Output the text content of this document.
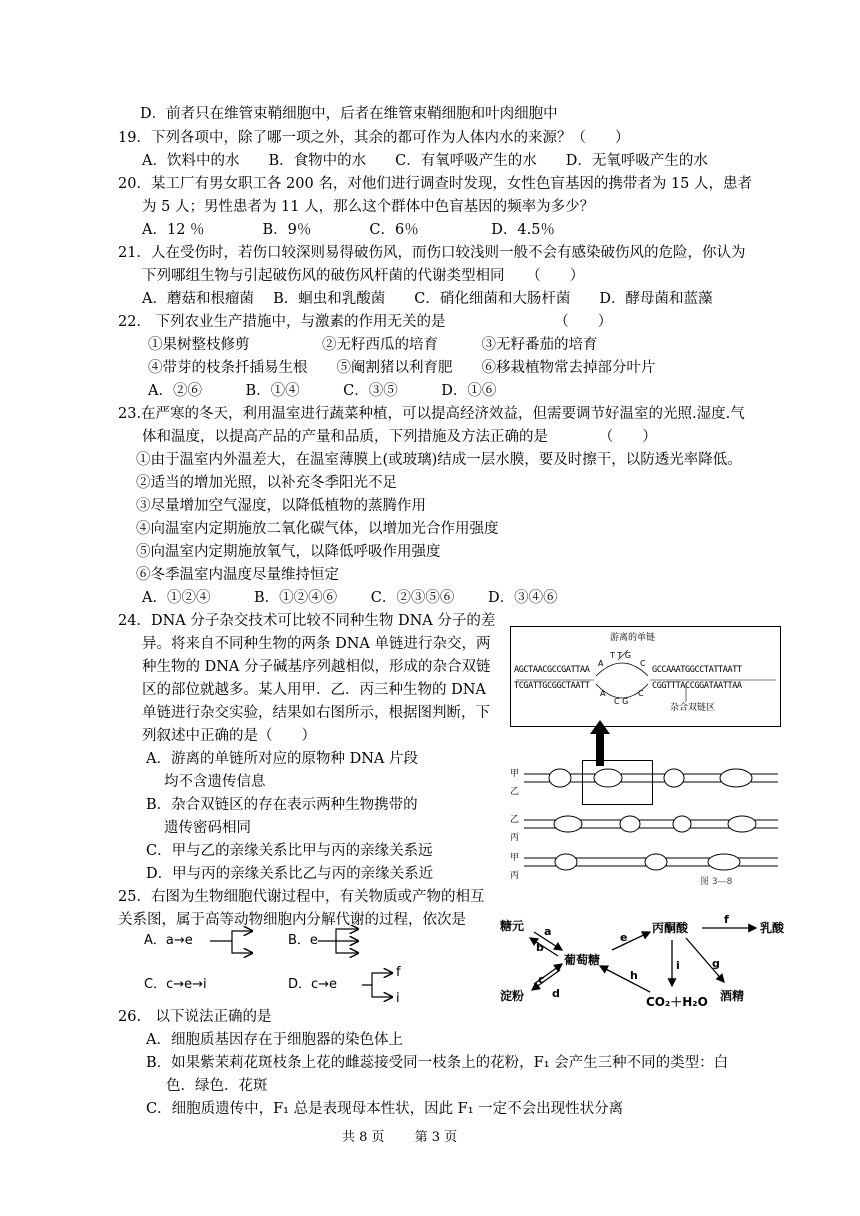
D．前者只在维管束鞘细胞中，后者在维管束鞘细胞和叶肉细胞中
19．下列各项中，除了哪一项之外，其余的都可作为人体内水的来源？（　　）
A．饮料中的水　　B．食物中的水　　C．有氧呼吸产生的水　　D．无氧呼吸产生的水
20．某工厂有男女职工各 200 名，对他们进行调查时发现，女性色盲基因的携带者为 15 人，患者
为 5 人；男性患者为 11 人，那么这个群体中色盲基因的频率为多少？
A．12 ％　　　　B．9％　　　　C．6％　　　　　D．4.5％
21．人在受伤时，若伤口较深则易得破伤风，而伤口较浅则一般不会有感染破伤风的危险，你认为
下列哪组生物与引起破伤风的破伤风杆菌的代谢类型相同　　（　　）
A．蘑菇和根瘤菌　 B．蛔虫和乳酸菌　　C．硝化细菌和大肠杆菌　　D．酵母菌和蓝藻
22． 下列农业生产措施中，与激素的作用无关的是　　　　　　　　（　　）
①果树整枝修剪　　　　　②无籽西瓜的培育　　　③无籽番茄的培育
④带芽的枝条扦插易生根　　⑤阉割猪以利育肥　　⑥移栽植物常去掉部分叶片
A．②⑥　　　B．①④　　　C．③⑤　　　D．①⑥
23.在严寒的冬天，利用温室进行蔬菜种植，可以提高经济效益，但需要调节好温室的光照.湿度.气
体和温度，以提高产品的产量和品质，下列措施及方法正确的是　　　　（　　）
①由于温室内外温差大，在温室薄膜上(或玻璃)结成一层水膜，要及时擦干，以防透光率降低。
②适当的增加光照，以补充冬季阳光不足
③尽量增加空气湿度，以降低植物的蒸腾作用
④向温室内定期施放二氧化碳气体，以增加光合作用强度
⑤向温室内定期施放氧气，以降低呼吸作用强度
⑥冬季温室内温度尽量维持恒定
A．①②④　　　B．①②④⑥　　 C．②③⑤⑥　　 D．③④⑥
24．DNA 分子杂交技术可比较不同种生物 DNA 分子的差
异。将来自不同种生物的两条 DNA 单链进行杂交，两
种生物的 DNA 分子碱基序列越相似，形成的杂合双链
区的部位就越多。某人用甲．乙．丙三种生物的 DNA
单链进行杂交实验，结果如右图所示，根据图判断，下
列叙述中正确的是（　　）
A．游离的单链所对应的原物种 DNA 片段
均不含遗传信息
B．杂合双链区的存在表示两种生物携带的
遗传密码相同
C．甲与乙的亲缘关系比甲与丙的亲缘关系远
D．甲与丙的亲缘关系比乙与丙的亲缘关系近
25．右图为生物细胞代谢过程中，有关物质或产物的相互
关系图，属于高等动物细胞内分解代谢的过程，依次是
A．a→e	B．e
C．c→e→i	D．c→e
f
i
26.　以下说法正确的是
A．细胞质基因存在于细胞器的染色体上
B．如果紫茉莉花斑枝条上花的雌蕊接受同一枝条上的花粉，F₁ 会产生三种不同的类型：白
色．绿色．花斑
C．细胞质遗传中，F₁ 总是表现母本性状，因此 F₁ 一定不会出现性状分离
共 8 页　　 第 3 页
游离的单链
AGCTAACGCCGATTAA	GCCAAATGGCCTATTAATT
TCGATTGCGGCTAATT	CGGTTTACCGGATAATTAA
T T G
C G
A
A
C
C
杂合双链区
甲
乙
乙
丙
甲
丙
图 3—8
糖元
淀粉
葡萄糖
丙酮酸	乳酸
酒精
CO₂＋H₂O
a
b
c
d
e
f
g
h
i
